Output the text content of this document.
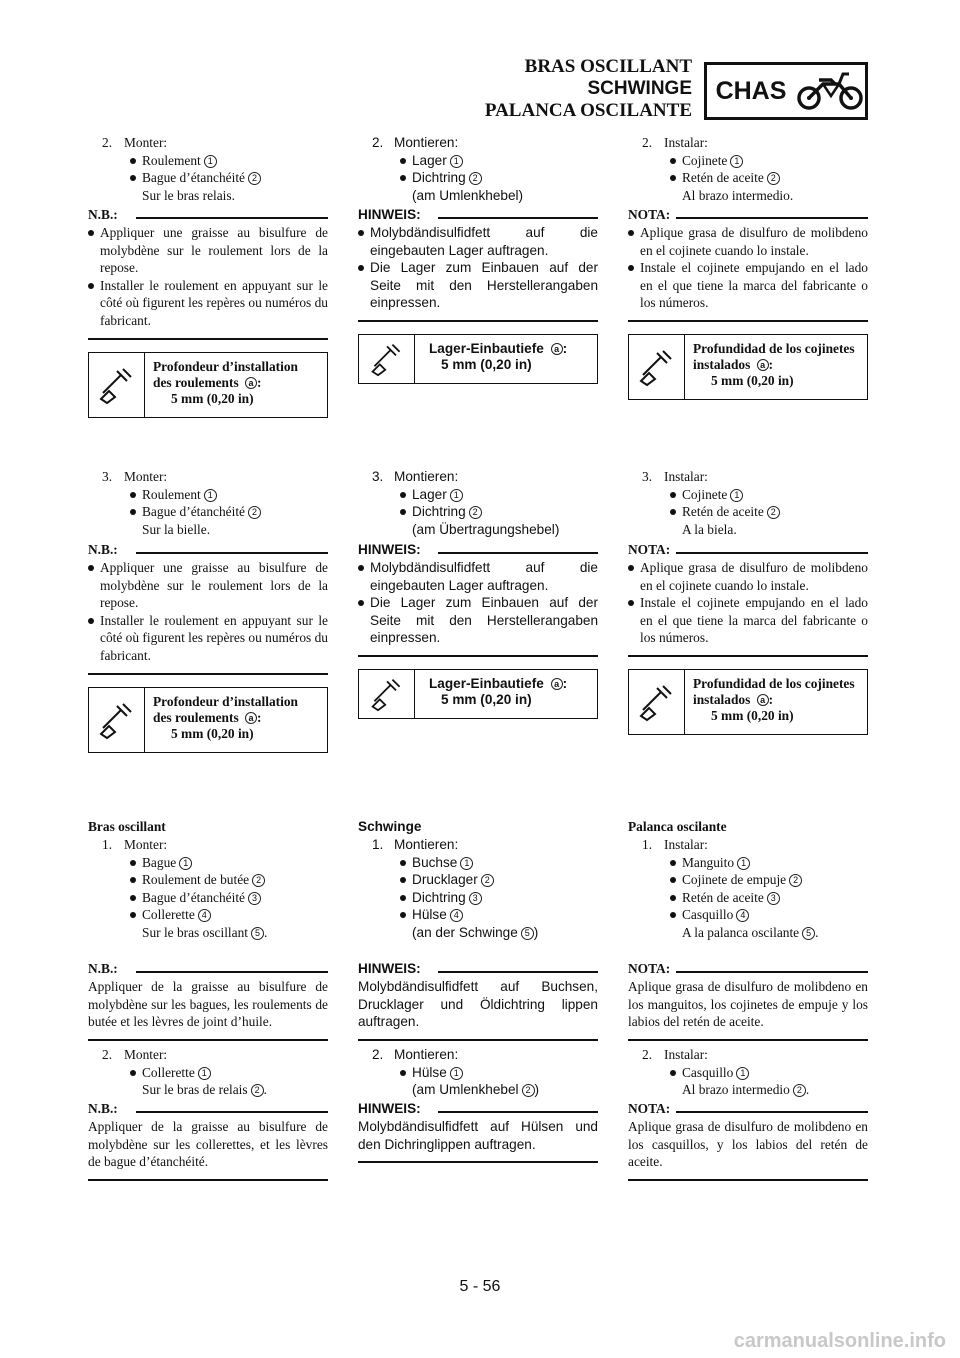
BRAS OSCILLANT
SCHWINGE
PALANCA OSCILANTE
CHAS
2. Monter:
Roulement 1
Bague d’étanchéité 2
Sur le bras relais.
N.B.:
Appliquer une graisse au bisulfure de molybdène sur le roulement lors de la repose.
Installer le roulement en appuyant sur le côté où figurent les repères ou numéros du fabricant.
Profondeur d’installation des roulements a :
5 mm (0,20 in)
3. Monter:
Roulement 1
Bague d’étanchéité 2
Sur la bielle.
N.B.:
Appliquer une graisse au bisulfure de molybdène sur le roulement lors de la repose.
Installer le roulement en appuyant sur le côté où figurent les repères ou numéros du fabricant.
Profondeur d’installation des roulements a :
5 mm (0,20 in)
Bras oscillant
1. Monter:
Bague 1
Roulement de butée 2
Bague d’étanchéité 3
Collerette 4
Sur le bras oscillant 5 .
N.B.:

Appliquer de la graisse au bisulfure de molybdène sur les bagues, les roulements de butée et les lèvres de joint d’huile.

2. Monter:
Collerette 1
Sur le bras de relais 2 .
N.B.:

Appliquer de la graisse au bisulfure de molybdène sur les collerettes, et les lèvres de bague d’étanchéité.

2. Montieren:
Lager 1
Dichtring 2
(am Umlenkhebel)
HINWEIS:
Molybdändisulfidfett auf die eingebauten Lager auftragen.
Die Lager zum Einbauen auf der Seite mit den Herstellerangaben einpressen.
Lager-Einbautiefe a :
5 mm (0,20 in)
3. Montieren:
Lager 1
Dichtring 2
(am Übertragungshebel)
HINWEIS:
Molybdändisulfidfett auf die eingebauten Lager auftragen.
Die Lager zum Einbauen auf der Seite mit den Herstellerangaben einpressen.
Lager-Einbautiefe a :
5 mm (0,20 in)
Schwinge
1. Montieren:
Buchse 1
Drucklager 2
Dichtring 3
Hülse 4
(an der Schwinge 5 )
HINWEIS:

Molybdändisulfidfett auf Buchsen, Drucklager und Öldichtring lippen auftragen.

2. Montieren:
Hülse 1
(am Umlenkhebel 2 )
HINWEIS:

Molybdändisulfidfett auf Hülsen und den Dichringlippen auftragen.

2. Instalar:
Cojinete 1
Retén de aceite 2
Al brazo intermedio.
NOTA:
Aplique grasa de disulfuro de molibdeno en el cojinete cuando lo instale.
Instale el cojinete empujando en el lado en el que tiene la marca del fabricante o los números.
Profundidad de los cojinetes instalados a :
5 mm (0,20 in)
3. Instalar:
Cojinete 1
Retén de aceite 2
A la biela.
NOTA:
Aplique grasa de disulfuro de molibdeno en el cojinete cuando lo instale.
Instale el cojinete empujando en el lado en el que tiene la marca del fabricante o los números.
Profundidad de los cojinetes instalados a :
5 mm (0,20 in)
Palanca oscilante
1. Instalar:
Manguito 1
Cojinete de empuje 2
Retén de aceite 3
Casquillo 4
A la palanca oscilante 5 .
NOTA:

Aplique grasa de disulfuro de molibdeno en los manguitos, los cojinetes de empuje y los labios del retén de aceite.

2. Instalar:
Casquillo 1
Al brazo intermedio 2 .
NOTA:

Aplique grasa de disulfuro de molibdeno en los casquillos, y los labios del retén de aceite.

5 - 56
carmanualsonline.info
